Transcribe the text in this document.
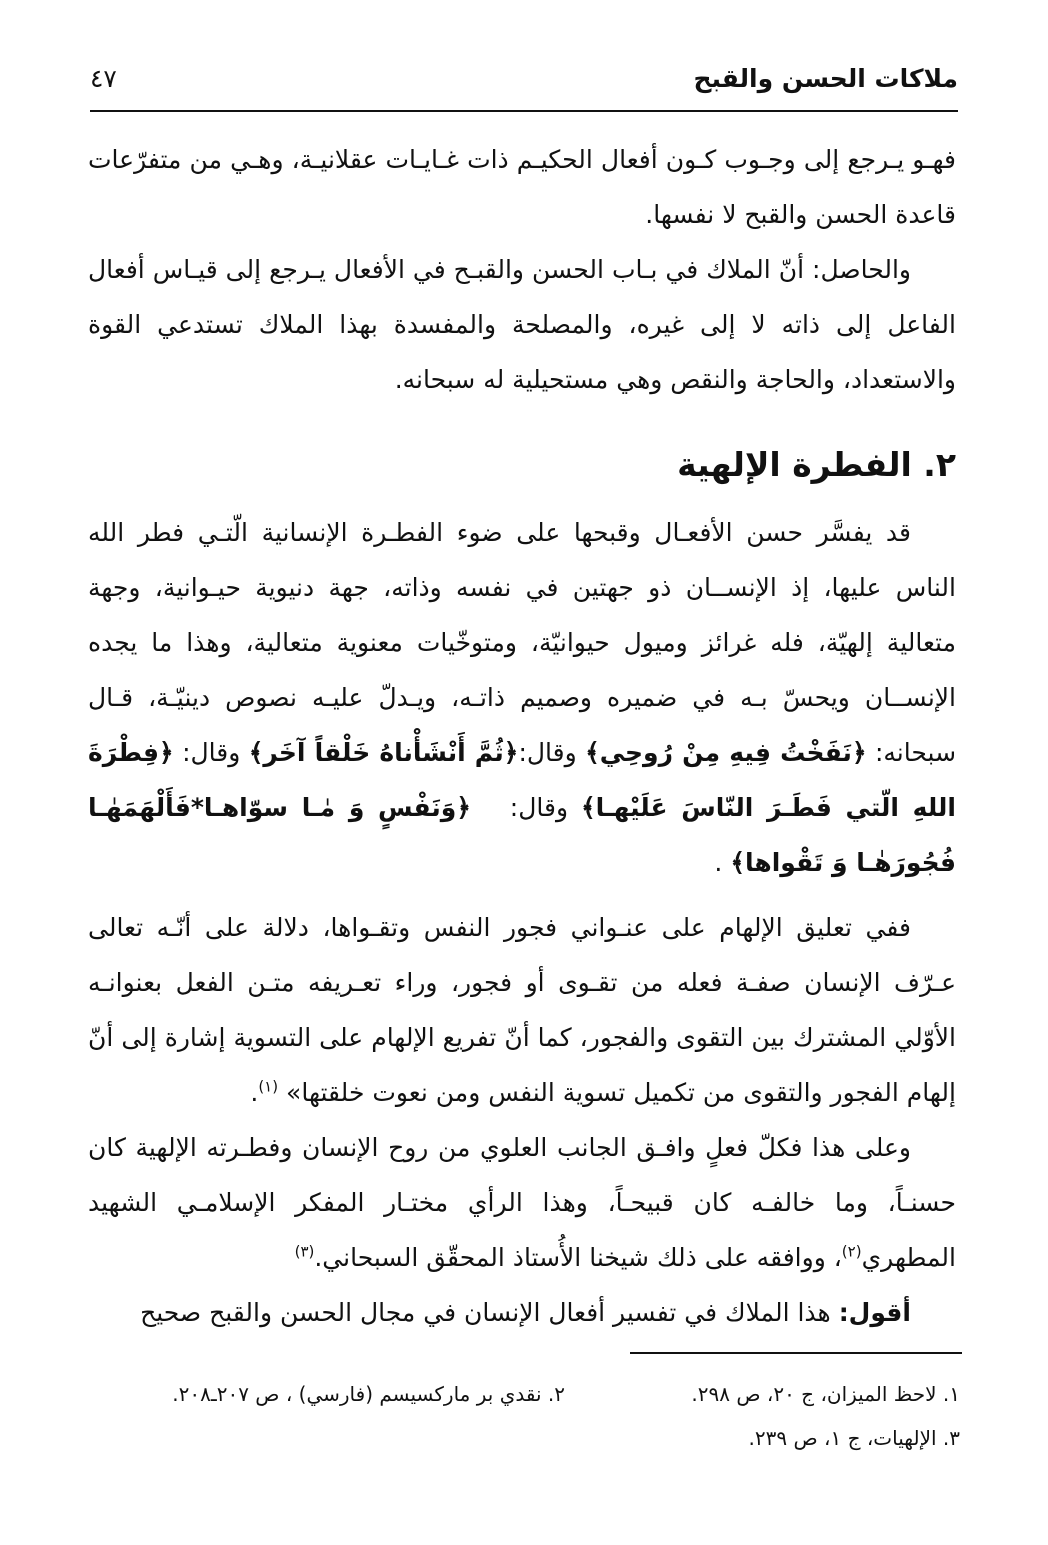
ملاكات الحسن والقبح
٤٧

فهـو يـرجع إلى وجـوب كـون أفعال الحكيـم ذات غـايـات عقلانيـة، وهـي من متفرّعات قاعدة الحسن والقبح لا نفسها.

والحاصل: أنّ الملاك في بـاب الحسن والقبـح في الأفعال يـرجع إلى قيـاس أفعال الفاعل إلى ذاته لا إلى غيره، والمصلحة والمفسدة بهذا الملاك تستدعي القوة والاستعداد، والحاجة والنقص وهي مستحيلية له سبحانه.

٢. الفطرة الإلهية

قد يفسَّر حسن الأفعـال وقبحها على ضوء الفطـرة الإنسانية الّتـي فطر الله الناس عليها، إذ الإنســان ذو جهتين في نفسه وذاته، جهة دنيوية حيـوانية، وجهة متعالية إلهيّة، فله غرائز وميول حيوانيّة، ومتوخّيات معنوية متعالية، وهذا ما يجده الإنســان ويحسّ بـه في ضميره وصميم ذاتـه، ويـدلّ عليـه نصوص دينيّـة، قـال سبحانه: ﴿نَفَخْتُ فِيهِ مِنْ رُوحِي﴾ وقال:﴿ثُمَّ أَنْشَأْناهُ خَلْقاً آخَر﴾ وقال: ﴿فِطْرَةَ اللهِ الّتي فَطَـرَ النّاسَ عَلَيْهـا﴾ وقال:   ﴿وَنَفْسٍ وَ مٰـا سوّاهـا*فَأَلْهَمَهٰـا فُجُورَهٰـا وَ تَقْواها﴾ .

ففي تعليق الإلهام على عنـواني فجور النفس وتقـواها، دلالة على أنّـه تعالى عـرّف الإنسان صفـة فعله من تقـوى أو فجور، وراء تعـريفه متـن الفعل بعنوانـه الأوّلي المشترك بين التقوى والفجور، كما أنّ تفريع الإلهام على التسوية إشارة إلى أنّ إلهام الفجور والتقوى من تكميل تسوية النفس ومن نعوت خلقتها» $^{(١)}$.

وعلى هذا فكلّ فعلٍ وافـق الجانب العلوي من روح الإنسان وفطـرته الإلهية كان حسنـاً، وما خالفـه كان قبيحـاً، وهذا الرأي مختـار المفكر الإسلامـي الشهيد المطهري$^{(٢)}$، ووافقه على ذلك شيخنا الأُستاذ المحقّق السبحاني.$^{(٣)}$

أقول: هذا الملاك في تفسير أفعال الإنسان في مجال الحسن والقبح صحيح

١. لاحظ الميزان، ج ٢٠، ص ٢٩٨.
٢. نقدي بر ماركسيسم (فارسي) ، ص ٢٠٧ـ٢٠٨.
٣. الإلهيات، ج ١، ص ٢٣٩.
